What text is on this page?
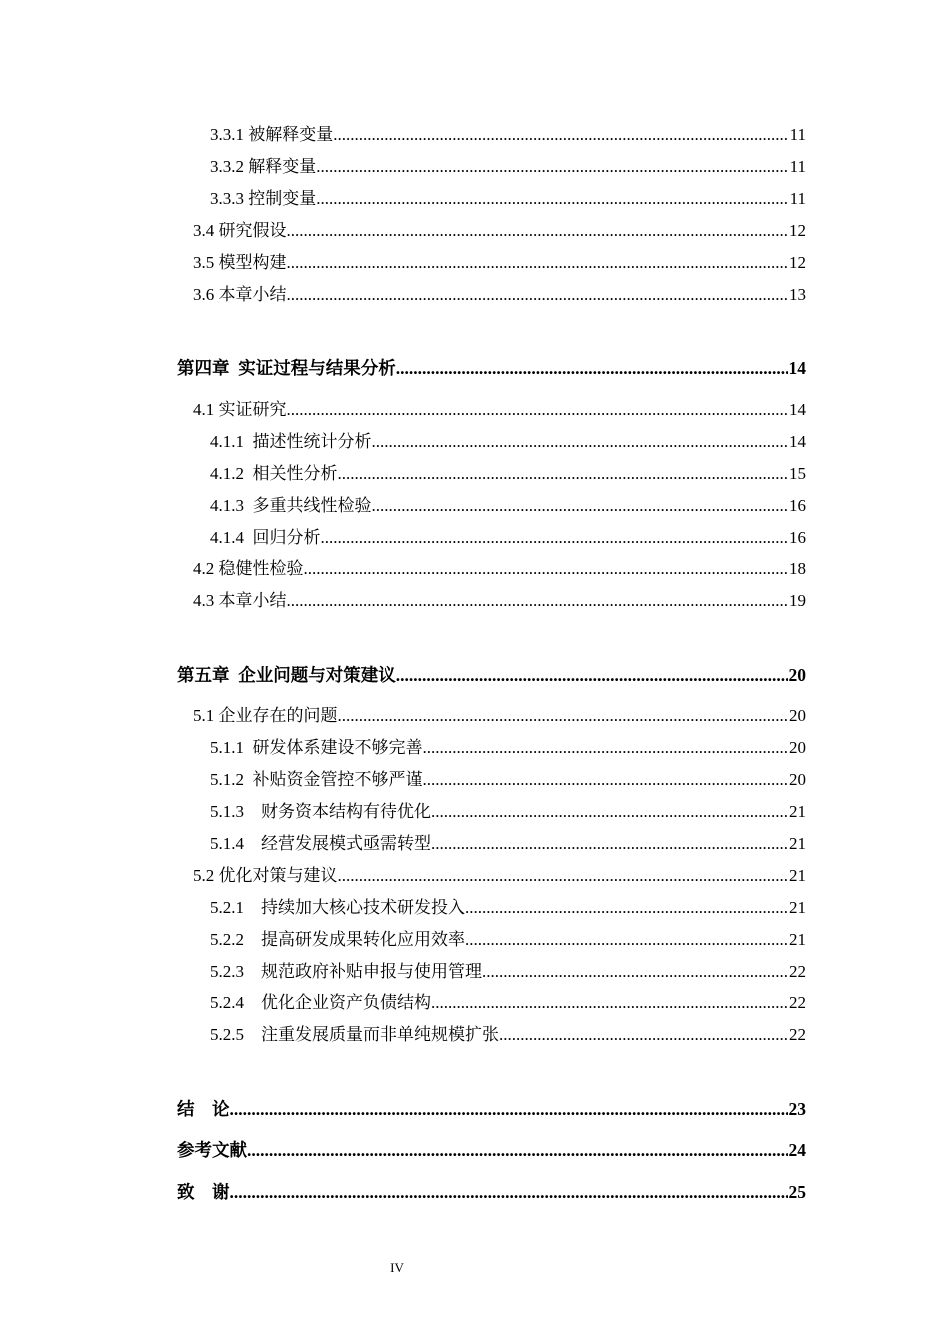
3.3.1 被解释变量 .....	11
3.3.2 解释变量 .....	11
3.3.3 控制变量 .....	11
3.4 研究假设 .....	12
3.5 模型构建 .....	12
3.6 本章小结 .....	13
第四章  实证过程与结果分析 .....	14
4.1 实证研究 .....	14
4.1.1  描述性统计分析 .....	14
4.1.2  相关性分析 .....	15
4.1.3  多重共线性检验 .....	16
4.1.4  回归分析 .....	16
4.2 稳健性检验 .....	18
4.3 本章小结 .....	19
第五章  企业问题与对策建议 .....	20
5.1 企业存在的问题 .....	20
5.1.1  研发体系建设不够完善 .....	20
5.1.2  补贴资金管控不够严谨 .....	20
5.1.3    财务资本结构有待优化 .....	21
5.1.4    经营发展模式亟需转型 .....	21
5.2 优化对策与建议 .....	21
5.2.1    持续加大核心技术研发投入 .....	21
5.2.2    提高研发成果转化应用效率 .....	21
5.2.3    规范政府补贴申报与使用管理 .....	22
5.2.4    优化企业资产负债结构 .....	22
5.2.5    注重发展质量而非单纯规模扩张 .....	22
结    论 .....	23
参考文献 .....	24
致    谢 .....	25
IV
